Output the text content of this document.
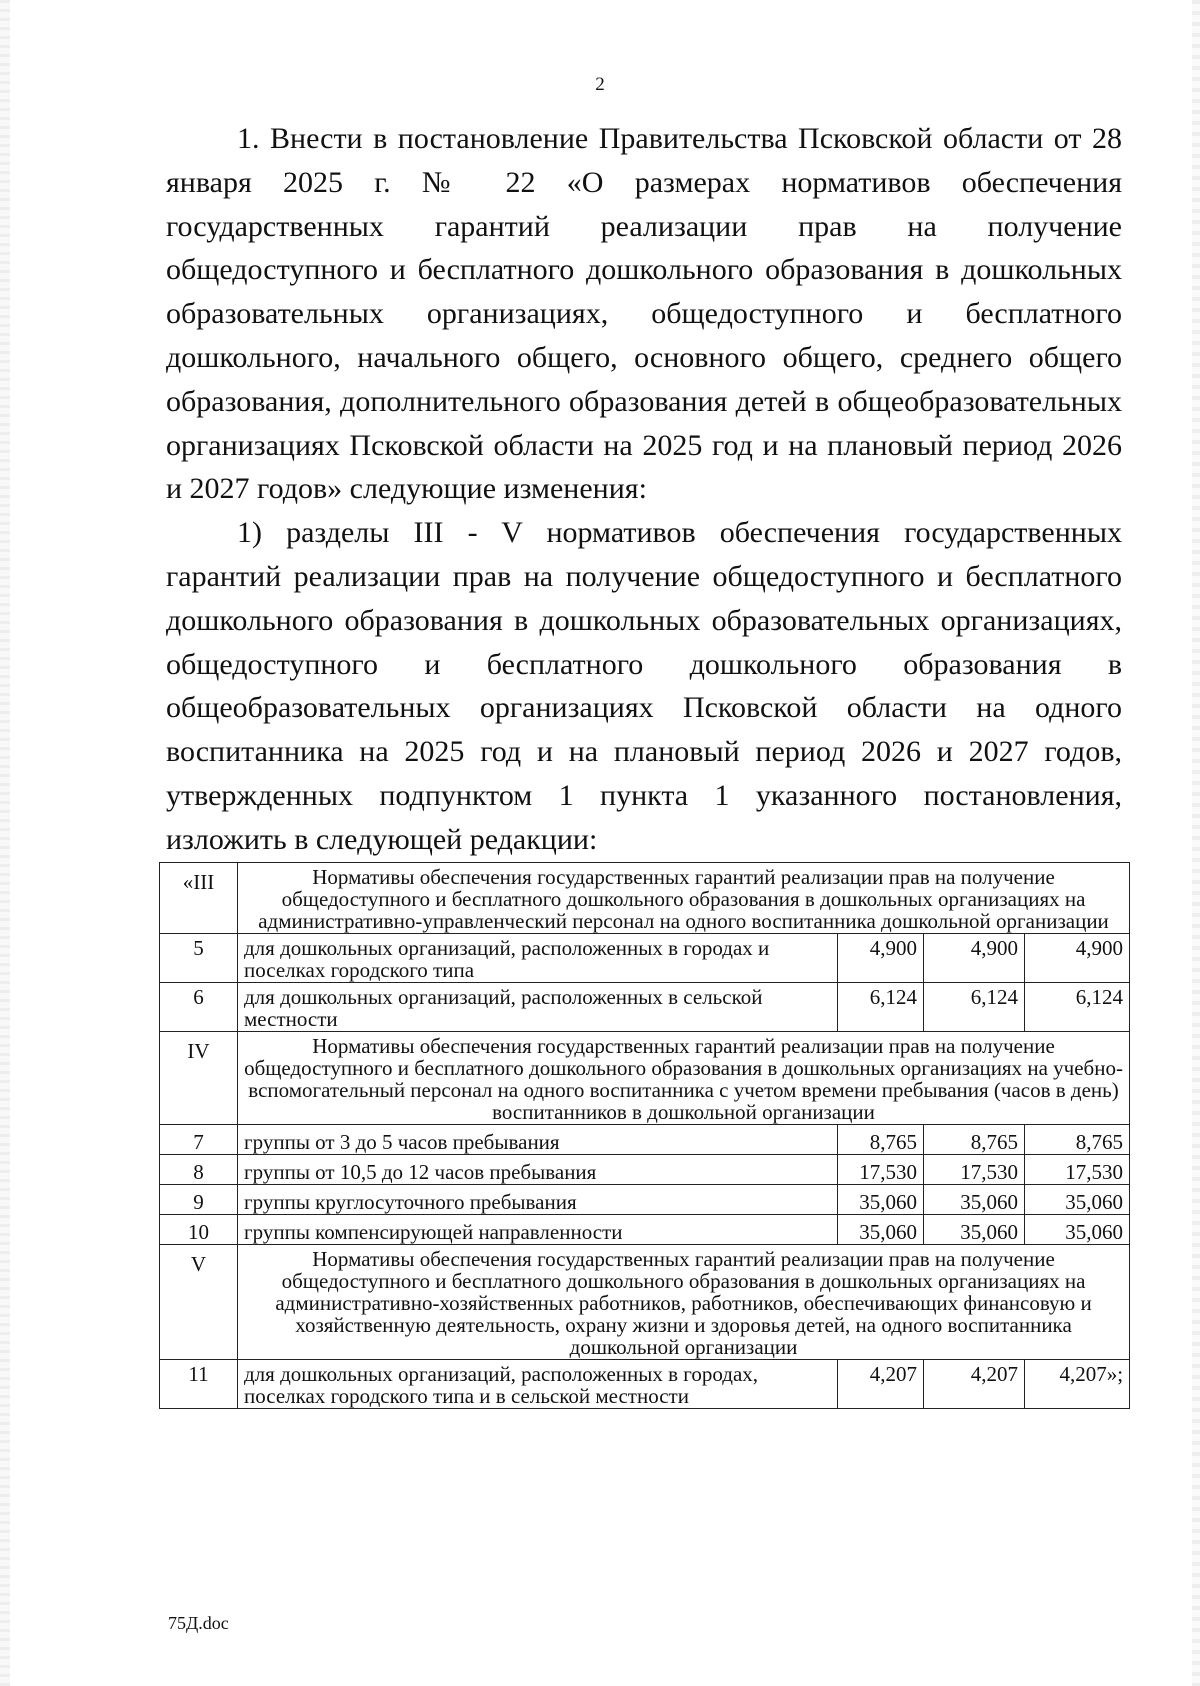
2

1. Внести в постановление Правительства Псковской области от 28 января 2025 г. № 22 «О размерах нормативов обеспечения государственных гарантий реализации прав на получение общедоступного и бесплатного дошкольного образования в дошкольных образовательных организациях, общедоступного и бесплатного дошкольного, начального общего, основного общего, среднего общего образования, дополнительного образования детей в общеобразовательных организациях Псковской области на 2025 год и на плановый период 2026 и 2027 годов» следующие изменения:

1) разделы III - V нормативов обеспечения государственных гарантий реализации прав на получение общедоступного и бесплатного дошкольного образования в дошкольных образовательных организациях, общедоступного и бесплатного дошкольного образования в общеобразовательных организациях Псковской области на одного воспитанника на 2025 год и на плановый период 2026 и 2027 годов, утвержденных подпунктом 1 пункта 1 указанного постановления, изложить в следующей редакции:

«III	Нормативы обеспечения государственных гарантий реализации прав на получение общедоступного и бесплатного дошкольного образования в дошкольных организациях на административно-управленческий персонал на одного воспитанника дошкольной организации			
5	для дошкольных организаций, расположенных в городах и поселках городского типа	4,900	4,900	4,900
6	для дошкольных организаций, расположенных в сельской местности	6,124	6,124	6,124
IV	Нормативы обеспечения государственных гарантий реализации прав на получение общедоступного и бесплатного дошкольного образования в дошкольных организациях на учебно-вспомогательный персонал на одного воспитанника с учетом времени пребывания (часов в день) воспитанников в дошкольной организации			
7	группы от 3 до 5 часов пребывания	8,765	8,765	8,765
8	группы от 10,5 до 12 часов пребывания	17,530	17,530	17,530
9	группы круглосуточного пребывания	35,060	35,060	35,060
10	группы компенсирующей направленности	35,060	35,060	35,060
V	Нормативы обеспечения государственных гарантий реализации прав на получение общедоступного и бесплатного дошкольного образования в дошкольных организациях на административно-хозяйственных работников, работников, обеспечивающих финансовую и хозяйственную деятельность, охрану жизни и здоровья детей, на одного воспитанника дошкольной организации			
11	для дошкольных организаций, расположенных в городах, поселках городского типа и в сельской местности	4,207	4,207	4,207»;
75Д.doc
